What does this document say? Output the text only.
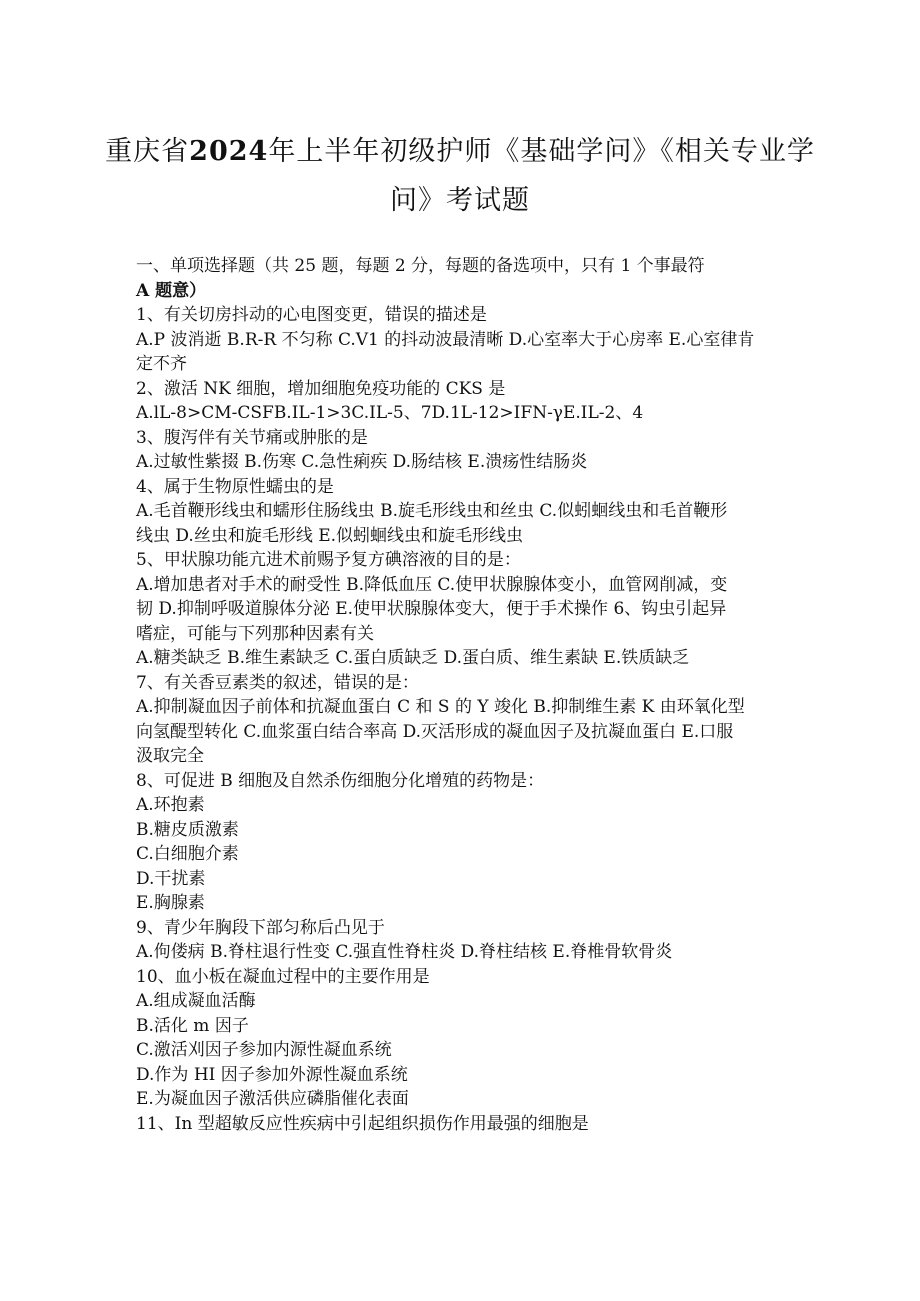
重庆省2024年上半年初级护师《基础学问》《相关专业学
问》考试题
一、单项选择题（共 25 题，每题 2 分，每题的备选项中，只有 1 个事最符
A 题意）
1、有关切房抖动的心电图变更，错误的描述是
A.P 波消逝 B.R-R 不匀称 C.V1 的抖动波最清晰 D.心室率大于心房率 E.心室律肯
定不齐
2、激活 NK 细胞，增加细胞免疫功能的 CKS 是
A.lL-8>CM-CSFB.IL-1>3C.IL-5、7D.1L-12>IFN-γE.IL-2、4
3、腹泻伴有关节痛或肿胀的是
A.过敏性紫掇 B.伤寒 C.急性痢疾 D.肠结核 E.溃疡性结肠炎
4、属于生物原性蠕虫的是
A.毛首鞭形线虫和蠕形住肠线虫 B.旋毛形线虫和丝虫 C.似蚓蛔线虫和毛首鞭形
线虫 D.丝虫和旋毛形线 E.似蚓蛔线虫和旋毛形线虫
5、甲状腺功能亢进术前赐予复方碘溶液的目的是：
A.增加患者对手术的耐受性 B.降低血压 C.使甲状腺腺体变小，血管网削减，变
韧 D.抑制呼吸道腺体分泌 E.使甲状腺腺体变大，便于手术操作 6、钩虫引起异
嗜症，可能与下列那种因素有关
A.糖类缺乏 B.维生素缺乏 C.蛋白质缺乏 D.蛋白质、维生素缺 E.铁质缺乏
7、有关香豆素类的叙述，错误的是：
A.抑制凝血因子前体和抗凝血蛋白 C 和 S 的 Y 竣化 B.抑制维生素 K 由环氧化型
向氢醍型转化 C.血浆蛋白结合率高 D.灭活形成的凝血因子及抗凝血蛋白 E.口服
汲取完全
8、可促进 B 细胞及自然杀伤细胞分化增殖的药物是：
A.环抱素
B.糖皮质激素
C.白细胞介素
D.干扰素
E.胸腺素
9、青少年胸段下部匀称后凸见于
A.佝偻病 B.脊柱退行性变 C.强直性脊柱炎 D.脊柱结核 E.脊椎骨软骨炎
10、血小板在凝血过程中的主要作用是
A.组成凝血活酶
B.活化 m 因子
C.激活刈因子参加内源性凝血系统
D.作为 HI 因子参加外源性凝血系统
E.为凝血因子激活供应磷脂催化表面
11、In 型超敏反应性疾病中引起组织损伤作用最强的细胞是
